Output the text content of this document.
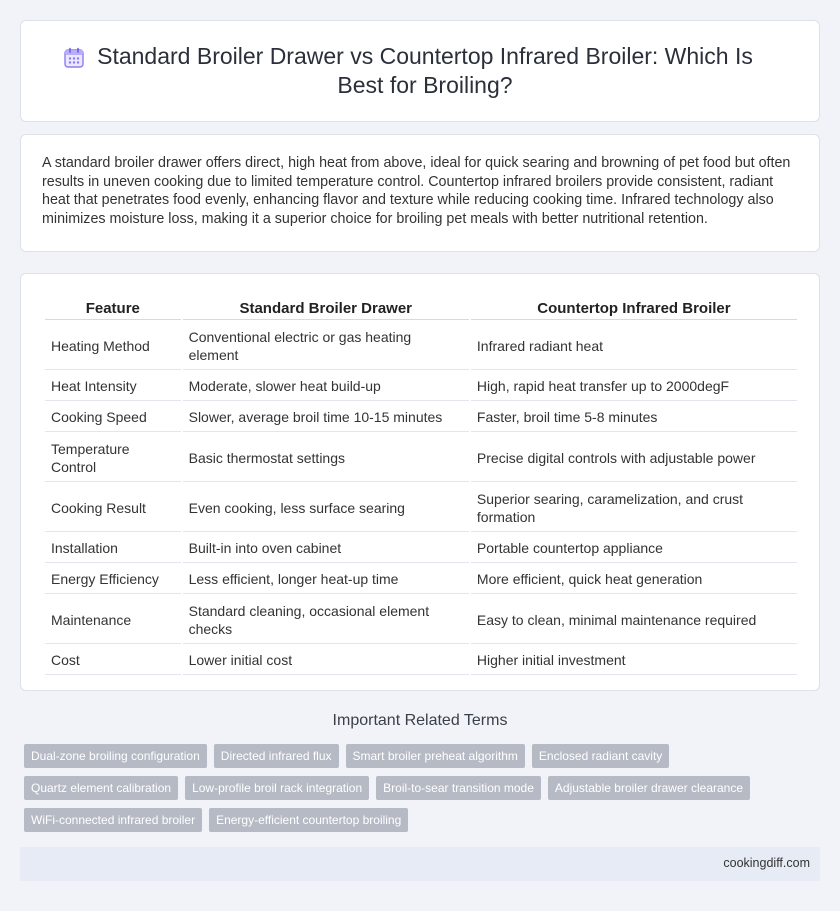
Standard Broiler Drawer vs Countertop Infrared Broiler: Which Is Best for Broiling?

A standard broiler drawer offers direct, high heat from above, ideal for quick searing and browning of pet food but often results in uneven cooking due to limited temperature control. Countertop infrared broilers provide consistent, radiant heat that penetrates food evenly, enhancing flavor and texture while reducing cooking time. Infrared technology also minimizes moisture loss, making it a superior choice for broiling pet meals with better nutritional retention.

Feature	Standard Broiler Drawer	Countertop Infrared Broiler
Heating Method	Conventional electric or gas heating element	Infrared radiant heat
Heat Intensity	Moderate, slower heat build-up	High, rapid heat transfer up to 2000degF
Cooking Speed	Slower, average broil time 10-15 minutes	Faster, broil time 5-8 minutes
Temperature Control	Basic thermostat settings	Precise digital controls with adjustable power
Cooking Result	Even cooking, less surface searing	Superior searing, caramelization, and crust formation
Installation	Built-in into oven cabinet	Portable countertop appliance
Energy Efficiency	Less efficient, longer heat-up time	More efficient, quick heat generation
Maintenance	Standard cleaning, occasional element checks	Easy to clean, minimal maintenance required
Cost	Lower initial cost	Higher initial investment
Important Related Terms
Dual-zone broiling configuration	Directed infrared flux	Smart broiler preheat algorithm	Enclosed radiant cavity
Quartz element calibration	Low-profile broil rack integration	Broil-to-sear transition mode	Adjustable broiler drawer clearance
WiFi-connected infrared broiler	Energy-efficient countertop broiling
cookingdiff.com
